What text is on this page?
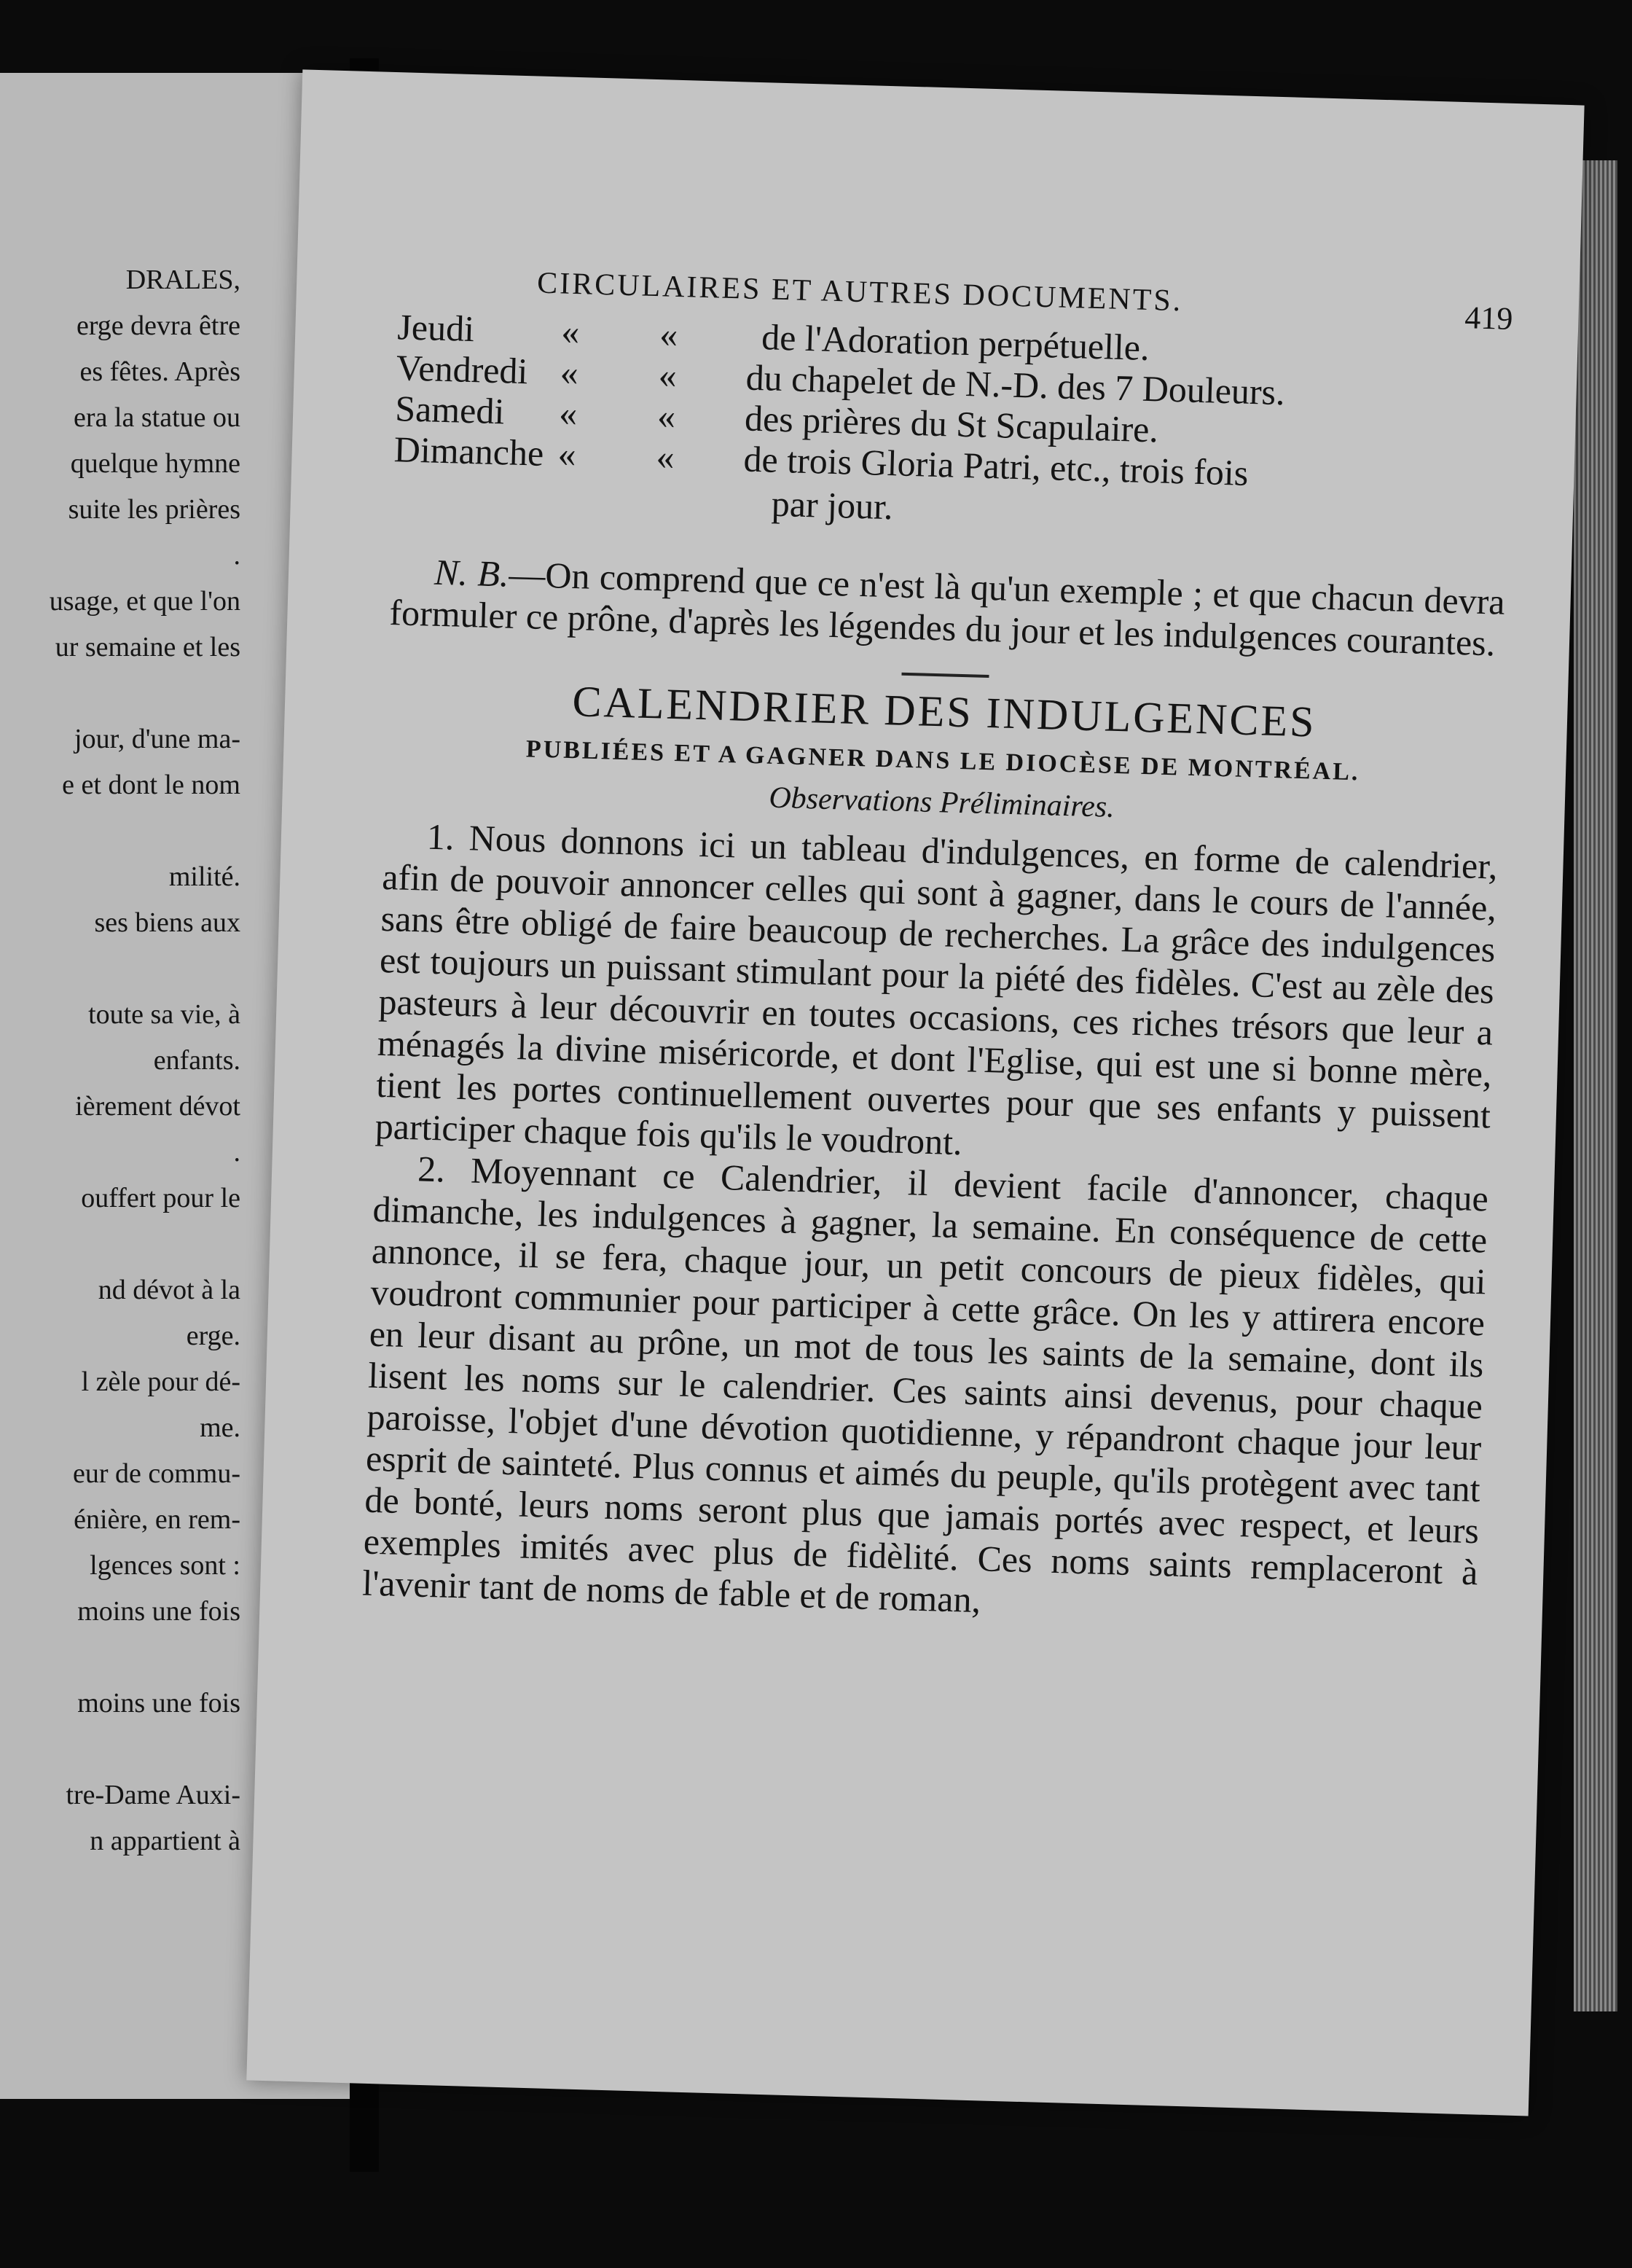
DRALES,
erge devra être
es fêtes. Après
era la statue ou
quelque hymne
suite les prières
.
usage, et que l'on
ur semaine et les
jour, d'une ma-
e et dont le nom
milité.
ses biens aux
toute sa vie, à
enfants.
ièrement dévot
.
ouffert pour le
nd dévot à la
erge.
l zèle pour dé-
me.
eur de commu-
énière, en rem-
lgences sont :
moins une fois
moins une fois
tre-Dame Auxi-
n appartient à
CIRCULAIRES ET AUTRES DOCUMENTS.
419
Jeudi « « de l'Adoration perpétuelle.
Vendredi « « du chapelet de N.-D. des 7 Douleurs.
Samedi « « des prières du St Scapulaire.
Dimanche « « de trois Gloria Patri, etc., trois fois
par jour.

N. B.—On comprend que ce n'est là qu'un exemple ; et que chacun devra formuler ce prône, d'après les légendes du jour et les indulgences courantes.

CALENDRIER DES INDULGENCES
PUBLIÉES ET A GAGNER DANS LE DIOCÈSE DE MONTRÉAL.
Observations Préliminaires.

1. Nous donnons ici un tableau d'indulgences, en forme de calendrier, afin de pouvoir annoncer celles qui sont à gagner, dans le cours de l'année, sans être obligé de faire beaucoup de recherches. La grâce des indulgences est toujours un puissant stimulant pour la piété des fidèles. C'est au zèle des pasteurs à leur découvrir en toutes occasions, ces riches trésors que leur a ménagés la divine miséricorde, et dont l'Eglise, qui est une si bonne mère, tient les portes continuellement ouvertes pour que ses enfants y puissent participer chaque fois qu'ils le voudront.

2. Moyennant ce Calendrier, il devient facile d'annoncer, chaque dimanche, les indulgences à gagner, la semaine. En conséquence de cette annonce, il se fera, chaque jour, un petit concours de pieux fidèles, qui voudront communier pour participer à cette grâce. On les y attirera encore en leur disant au prône, un mot de tous les saints de la semaine, dont ils lisent les noms sur le calendrier. Ces saints ainsi devenus, pour chaque paroisse, l'objet d'une dévotion quotidienne, y répandront chaque jour leur esprit de sainteté. Plus connus et aimés du peuple, qu'ils protègent avec tant de bonté, leurs noms seront plus que jamais portés avec respect, et leurs exemples imités avec plus de fidèlité. Ces noms saints remplaceront à l'avenir tant de noms de fable et de roman,
